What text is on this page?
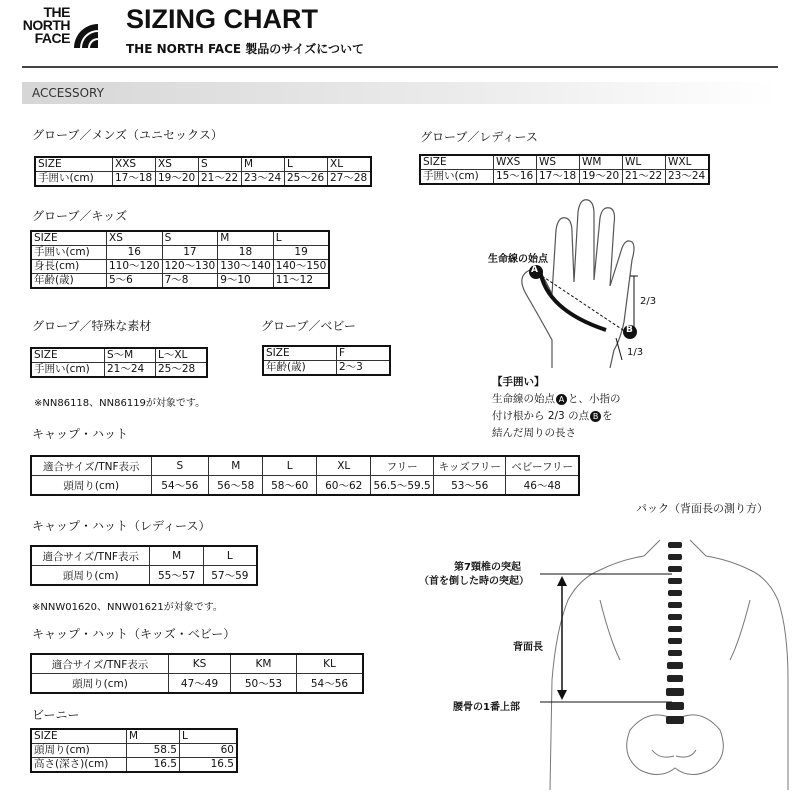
THE
NORTH
FACE
SIZING CHART
THE NORTH FACE 製品のサイズについて
ACCESSORY
グローブ／メンズ（ユニセックス）
SIZE	XXS	XS	S	M	L	XL
手囲い(cm)	17〜18	19〜20	21〜22	23〜24	25〜26	27〜28
グローブ／レディース
SIZE	WXS	WS	WM	WL	WXL
手囲い(cm)	15〜16	17〜18	19〜20	21〜22	23〜24
グローブ／キッズ
SIZE	XS	S	M	L
手囲い(cm)	16	17	18	19
身長(cm)	110〜120	120〜130	130〜140	140〜150
年齢(歳)	5〜6	7〜8	9〜10	11〜12
グローブ／特殊な素材
SIZE	S〜M	L〜XL
手囲い(cm)	21〜24	25〜28
※NN86118、NN86119が対象です。
グローブ／ベビー
SIZE	F
年齢(歳)	2〜3
生命線の始点
A
B
2/3
1/3
【手囲い】
生命線の始点 A と、小指の
付け根から 2/3 の点 B を
結んだ周りの長さ
キャップ・ハット
適合サイズ/TNF表示	S	M	L	XL	フリー	キッズフリー	ベビーフリー
頭周り(cm)	54〜56	56〜58	58〜60	60〜62	56.5〜59.5	53〜56	46〜48
キャップ・ハット（レディース）
適合サイズ/TNF表示	M	L
頭周り(cm)	55〜57	57〜59
※NNW01620、NNW01621が対象です。
キャップ・ハット（キッズ・ベビー）
適合サイズ/TNF表示	KS	KM	KL
頭周り(cm)	47〜49	50〜53	54〜56
ビーニー
SIZE	M	L
頭周り(cm)	58.5	60
高さ(深さ)(cm)	16.5	16.5
パック（背面長の測り方）
第7頸椎の突起
（首を倒した時の突起）
背面長
腰骨の1番上部
